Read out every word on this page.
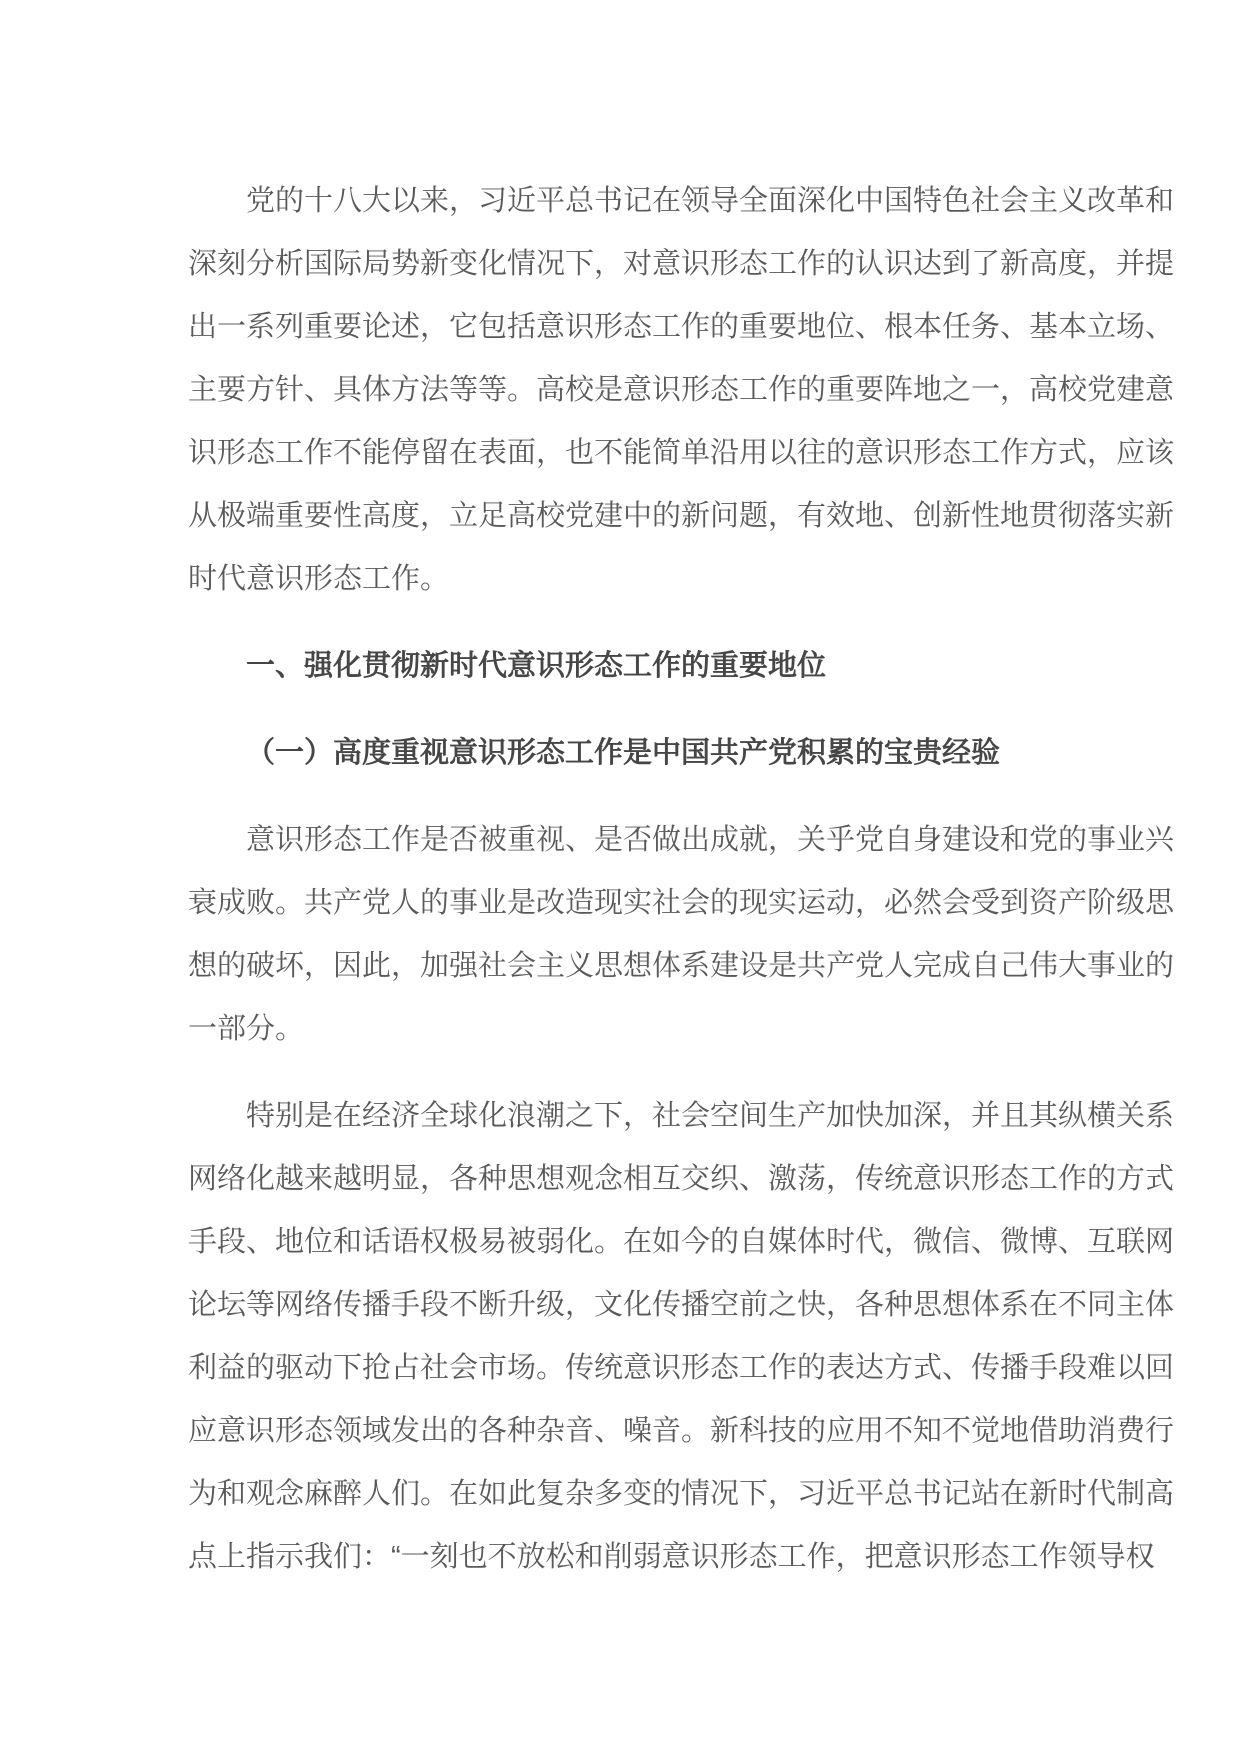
党的十八大以来，习近平总书记在领导全面深化中国特色社会主义改革和
深刻分析国际局势新变化情况下，对意识形态工作的认识达到了新高度，并提
出一系列重要论述，它包括意识形态工作的重要地位、根本任务、基本立场、
主要方针、具体方法等等。高校是意识形态工作的重要阵地之一，高校党建意
识形态工作不能停留在表面，也不能简单沿用以往的意识形态工作方式，应该
从极端重要性高度，立足高校党建中的新问题，有效地、创新性地贯彻落实新
时代意识形态工作。
一、强化贯彻新时代意识形态工作的重要地位
（一）高度重视意识形态工作是中国共产党积累的宝贵经验
意识形态工作是否被重视、是否做出成就，关乎党自身建设和党的事业兴
衰成败。共产党人的事业是改造现实社会的现实运动，必然会受到资产阶级思
想的破坏，因此，加强社会主义思想体系建设是共产党人完成自己伟大事业的
一部分。
特别是在经济全球化浪潮之下，社会空间生产加快加深，并且其纵横关系
网络化越来越明显，各种思想观念相互交织、激荡，传统意识形态工作的方式
手段、地位和话语权极易被弱化。在如今的自媒体时代，微信、微博、互联网
论坛等网络传播手段不断升级，文化传播空前之快，各种思想体系在不同主体
利益的驱动下抢占社会市场。传统意识形态工作的表达方式、传播手段难以回
应意识形态领域发出的各种杂音、噪音。新科技的应用不知不觉地借助消费行
为和观念麻醉人们。在如此复杂多变的情况下，习近平总书记站在新时代制高
点上指示我们：“一刻也不放松和削弱意识形态工作，把意识形态工作领导权
